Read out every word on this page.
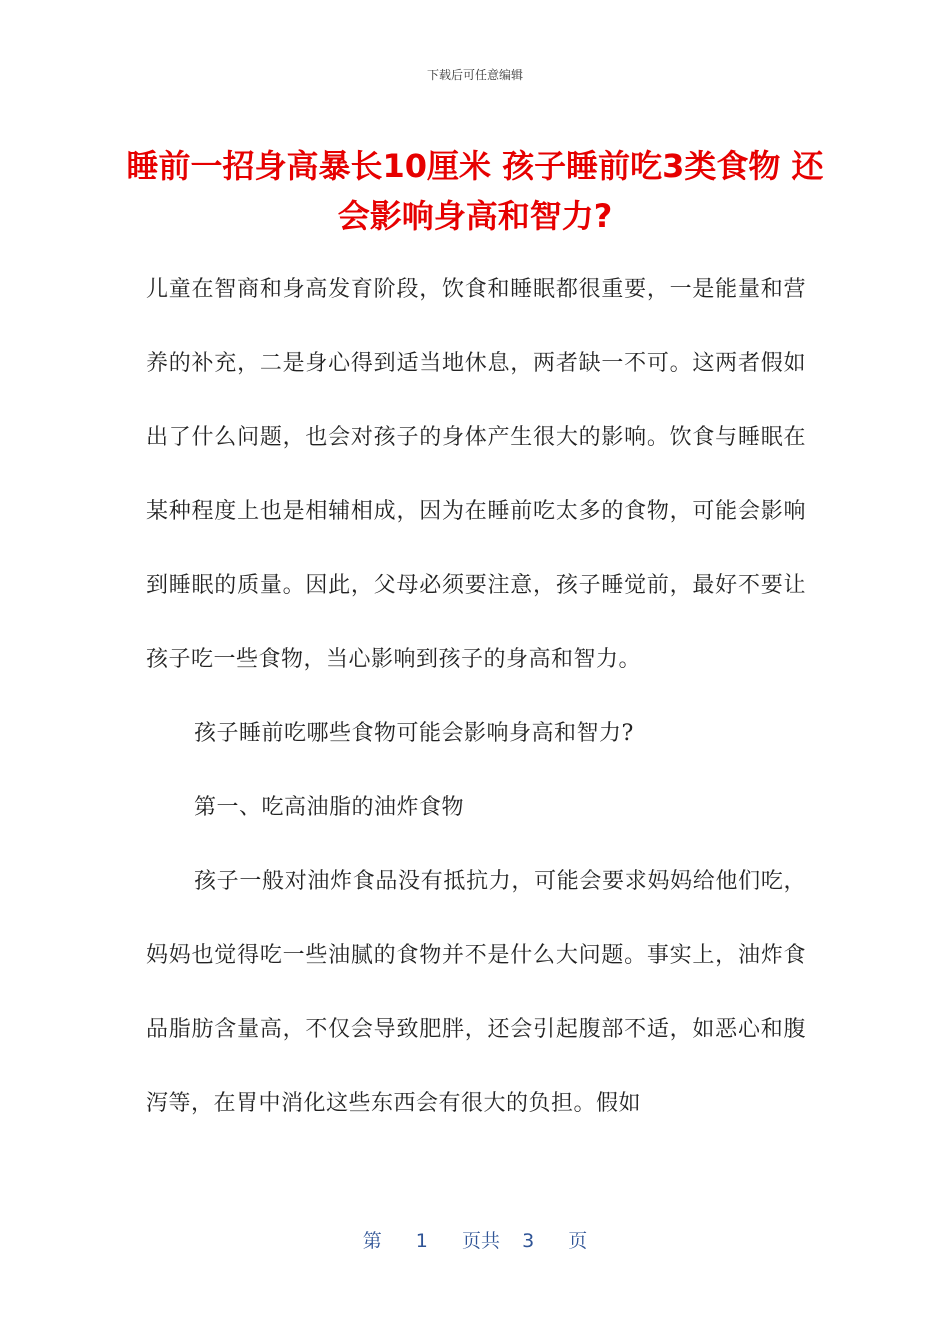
下载后可任意编辑
睡前一招身高暴长10厘米 孩子睡前吃3类食物 还会影响身高和智力?

儿童在智商和身高发育阶段，饮食和睡眠都很重要，一是能量和营养的补充，二是身心得到适当地休息，两者缺一不可。这两者假如出了什么问题，也会对孩子的身体产生很大的影响。饮食与睡眠在某种程度上也是相辅相成，因为在睡前吃太多的食物，可能会影响到睡眠的质量。因此，父母必须要注意，孩子睡觉前，最好不要让孩子吃一些食物，当心影响到孩子的身高和智力。

孩子睡前吃哪些食物可能会影响身高和智力?

第一、吃高油脂的油炸食物

孩子一般对油炸食品没有抵抗力，可能会要求妈妈给他们吃，妈妈也觉得吃一些油腻的食物并不是什么大问题。事实上，油炸食品脂肪含量高，不仅会导致肥胖，还会引起腹部不适，如恶心和腹泻等，在胃中消化这些东西会有很大的负担。假如

第 1 页共 3 页
